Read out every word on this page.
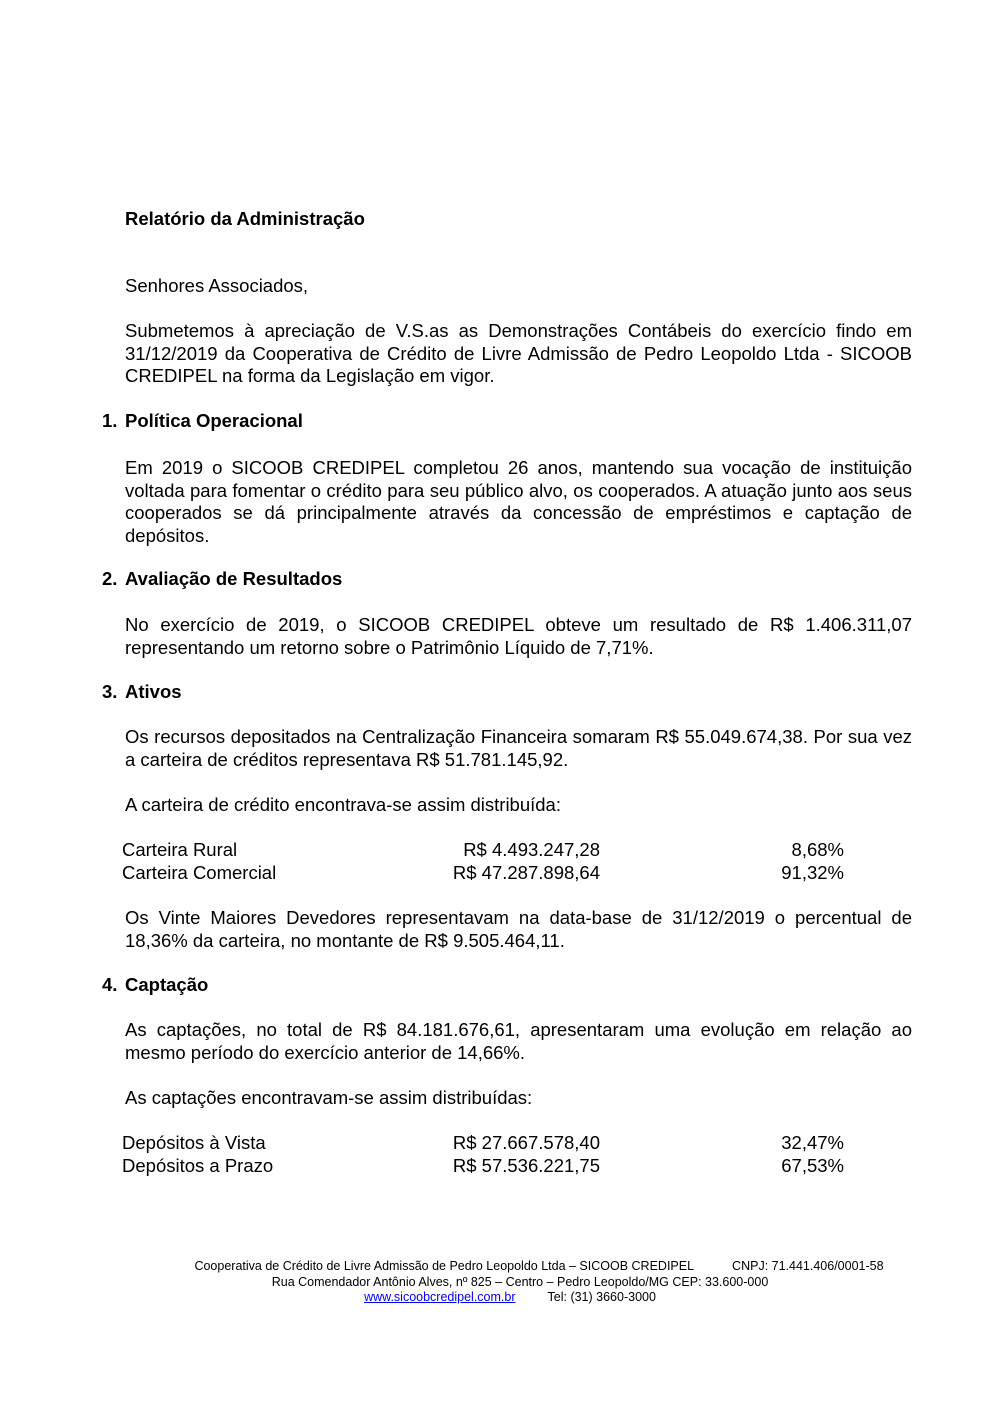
Relatório da Administração
Senhores Associados,
Submetemos à apreciação de V.S.as as Demonstrações Contábeis do exercício findo em 31/12/2019 da Cooperativa de Crédito de Livre Admissão de Pedro Leopoldo Ltda - SICOOB CREDIPEL na forma da Legislação em vigor.
1. Política Operacional
Em 2019 o SICOOB CREDIPEL completou 26 anos, mantendo sua vocação de instituição voltada para fomentar o crédito para seu público alvo, os cooperados. A atuação junto aos seus cooperados se dá principalmente através da concessão de empréstimos e captação de depósitos.
2. Avaliação de Resultados
No exercício de 2019, o SICOOB CREDIPEL obteve um resultado de R$ 1.406.311,07 representando um retorno sobre o Patrimônio Líquido de 7,71%.
3. Ativos
Os recursos depositados na Centralização Financeira somaram R$ 55.049.674,38. Por sua vez a carteira de créditos representava R$ 51.781.145,92.
A carteira de crédito encontrava-se assim distribuída:
Carteira Rural	R$ 4.493.247,28	8,68%
Carteira Comercial	R$ 47.287.898,64	91,32%
Os Vinte Maiores Devedores representavam na data-base de 31/12/2019 o percentual de 18,36% da carteira, no montante de R$ 9.505.464,11.
4. Captação
As captações, no total de R$ 84.181.676,61, apresentaram uma evolução em relação ao mesmo período do exercício anterior de 14,66%.
As captações encontravam-se assim distribuídas:
Depósitos à Vista	R$ 27.667.578,40	32,47%
Depósitos a Prazo	R$ 57.536.221,75	67,53%
Cooperativa de Crédito de Livre Admissão de Pedro Leopoldo Ltda – SICOOB CREDIPEL	CNPJ: 71.441.406/0001-58
Rua Comendador Antônio Alves, nº 825 – Centro – Pedro Leopoldo/MG CEP: 33.600-000
www.sicoobcredipel.com.br	Tel: (31) 3660-3000
